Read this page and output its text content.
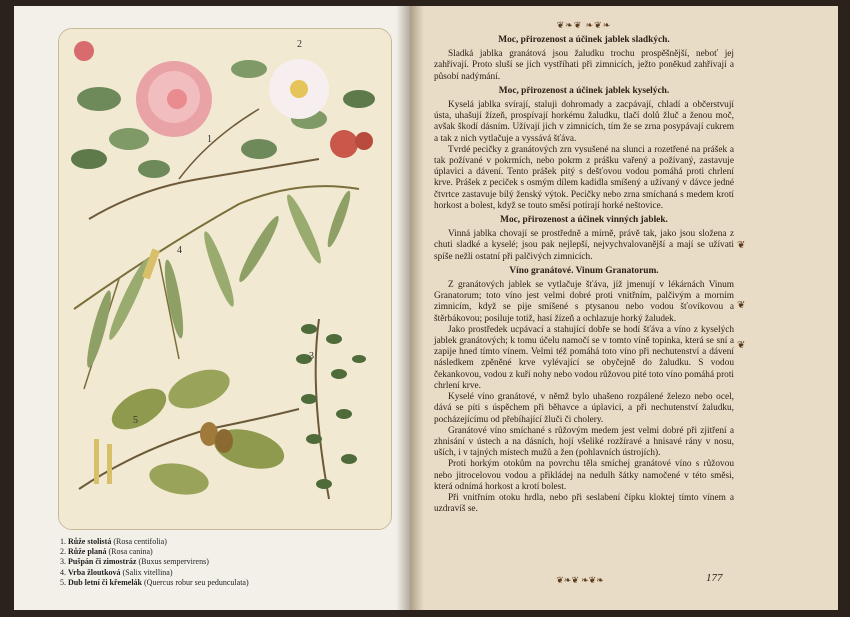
1
2
3
4
5
1. Růže stolistá (Rosa centifolia)
2. Růže planá (Rosa canina)
3. Pušpán či zimostráz (Buxus sempervirens)
4. Vrba žloutková (Salix vitellina)
5. Dub letní či křemelák (Quercus robur seu pedunculata)
❦❧❦ ❧❦❧
Moc, přirozenost a účinek jablek sladkých.

Sladká jablka granátová jsou žaludku trochu prospěšnější, neboť jej zahřívají. Proto sluší se jich vystříhati při zimnicích, ježto poněkud zahřívají a působí nadýmání.

Moc, přirozenost a účinek jablek kyselých.

Kyselá jablka svírají, staluji dohromady a zacpávají, chladí a občerstvují ústa, uhašují žízeň, prospívají horkému žaludku, tlačí dolů žluč a ženou moč, avšak škodí dásním. Užívají jich v zimnicích, tím že se zrna posypávají cukrem a tak z nich vytlačuje a vyssává šťáva.

Tvrdé pecičky z granátových zrn vysušené na slunci a rozetřené na prášek a tak požívané v pokrmích, nebo pokrm z prášku vařený a požívaný, zastavuje úplavici a dávení. Tento prášek pitý s dešťovou vodou pomáhá proti chrlení krve. Prášek z peciček s osmým dílem kadidla smíšený a užívaný v dávce jedné čtvrtce zastavuje bílý ženský výtok. Pecičky nebo zrna smíchaná s medem krotí horkost a bolest, když se touto směsí potírají horké neštovice.

Moc, přirozenost a účinek vinných jablek.

Vinná jablka chovají se prostředně a mírně, právě tak, jako jsou složena z chuti sladké a kyselé; jsou pak nejlepší, nejvychvalovanější a mají se užívati spíše nežli ostatní při palčivých zimnicích.

Víno granátové. Vinum Granatorum.

Z granátových jablek se vytlačuje šťáva, jíž jmenují v lékárnách Vinum Granatorum; toto víno jest velmi dobré proti vnitřním, palčivým a morním zimnicím, když se pije smíšené s ptysanou nebo vodou šťovíkovou a štěrbákovou; posiluje totiž, hasí žízeň a ochlazuje horký žaludek.

Jako prostředek ucpávací a stahující dobře se hodí šťáva a víno z kyselých jablek granátových; k tomu účelu namočí se v tomto víně topinka, která se sní a zapije hned tímto vínem. Velmi též pomáhá toto víno při nechutenství a dávení následkem zpěněné krve vylévající se obyčejně do žaludku. S vodou čekankovou, vodou z kuří nohy nebo vodou růžovou pité toto víno pomáhá proti chrlení krve.

Kyselé víno granátové, v němž bylo uhašeno rozpálené železo nebo ocel, dává se píti s úspěchem při běhavce a úplavici, a při nechutenství žaludku, pocházejícímu od přebíhající žluči či cholery.

Granátové víno smíchané s růžovým medem jest velmi dobré při zjitření a zhnisání v ústech a na dásních, hojí všeliké rozžíravé a hnisavé rány v nosu, uších, i v tajných místech mužů a žen (pohlavních ústrojích).

Proti horkým otokům na povrchu těla smíchej granátové víno s růžovou nebo jitrocelovou vodou a přikládej na nedulh šátky namočené v této směsi, která odnímá horkost a krotí bolest.

Při vnitřním otoku hrdla, nebo při seslabení čípku kloktej tímto vínem a uzdravíš se.

❦
❦
❦
❦❧❦ ❧❦❧	177
